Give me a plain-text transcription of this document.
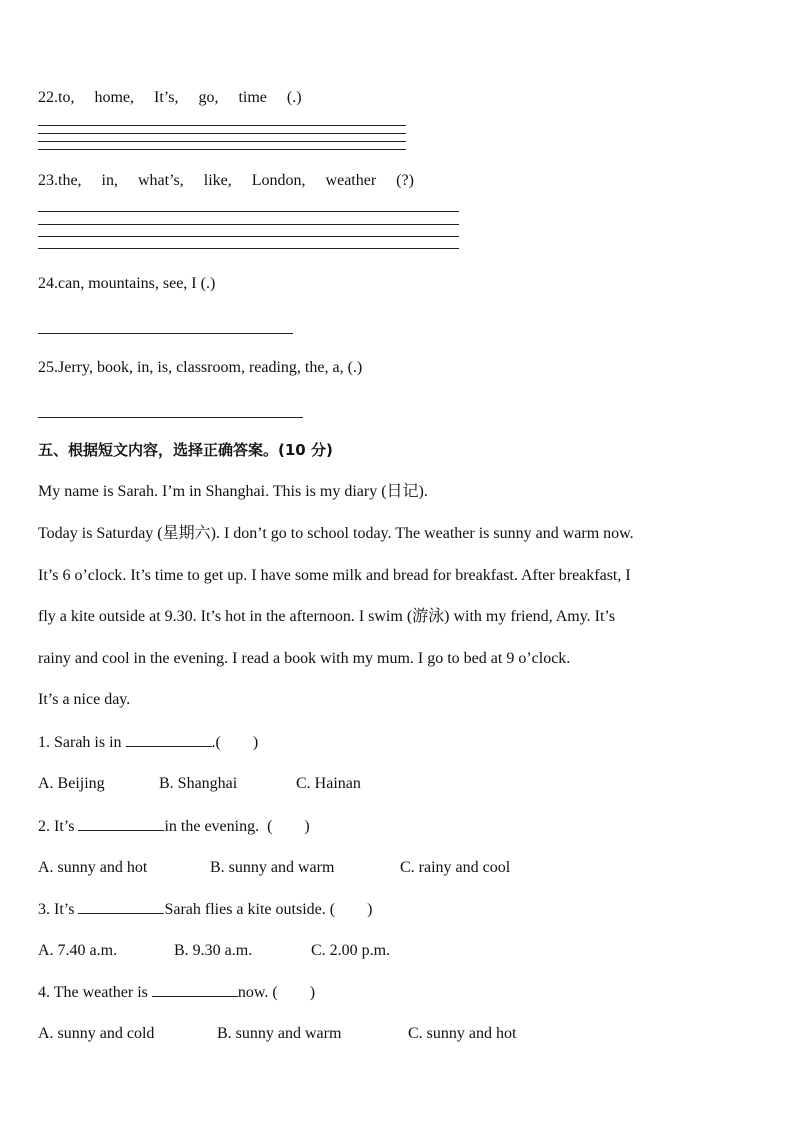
22.to,     home,     It’s,     go,     time     (.)
23.the,     in,     what’s,     like,     London,     weather     (?)
24.can, mountains, see, I (.)
25.Jerry, book, in, is, classroom, reading, the, a, (.)
五、根据短文内容，选择正确答案。(10 分)
My name is Sarah. I’m in Shanghai. This is my diary (日记).
Today is Saturday (星期六). I don’t go to school today. The weather is sunny and warm now.
It’s 6 o’clock. It’s time to get up. I have some milk and bread for breakfast. After breakfast, I
fly a kite outside at 9.30. It’s hot in the afternoon. I swim (游泳) with my friend, Amy. It’s
rainy and cool in the evening. I read a book with my mum. I go to bed at 9 o’clock.
It’s a nice day.
1. Sarah is in	.(        )
A. Beijing	B. Shanghai	C. Hainan
2. It’s	in the evening.  (        )
A. sunny and hot	B. sunny and warm	C. rainy and cool
3. It’s	Sarah flies a kite outside. (        )
A. 7.40 a.m.	B. 9.30 a.m.	C. 2.00 p.m.
4. The weather is	now. (        )
A. sunny and cold	B. sunny and warm	C. sunny and hot
